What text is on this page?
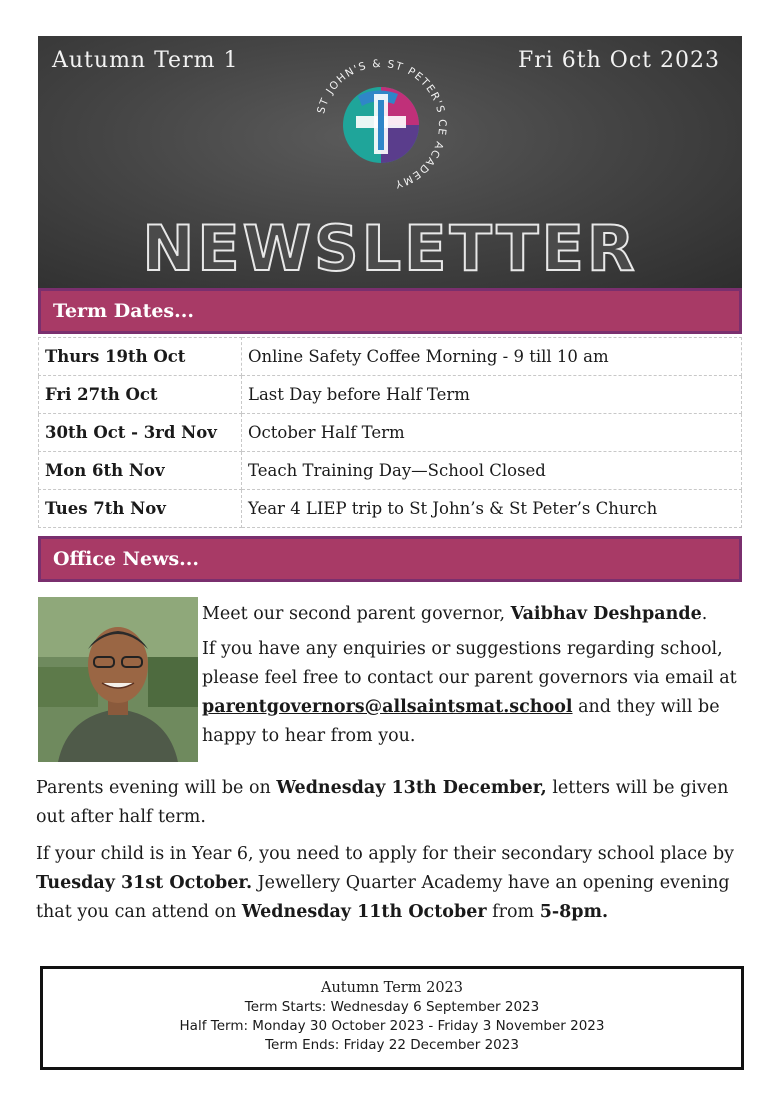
Autumn Term 1	Fri 6th Oct 2023
ST JOHN'S & ST PETER'S CE ACADEMY
NEWSLETTER
Term Dates...
Thurs 19th Oct	Online Safety Coffee Morning - 9 till 10 am
Fri 27th Oct	Last Day before Half Term
30th Oct - 3rd Nov	October Half Term
Mon 6th Nov	Teach Training Day—School Closed
Tues 7th Nov	Year 4 LIEP trip to St John’s & St Peter’s Church
Office News...

Meet our second parent governor, Vaibhav Deshpande.

If you have any enquiries or suggestions regarding school, please feel free to contact our parent governors via email at parentgovernors@allsaintsmat.school and they will be happy to hear from you.

Parents evening will be on Wednesday 13th December, letters will be given out after half term.

If your child is in Year 6, you need to apply for their secondary school place by Tuesday 31st October. Jewellery Quarter Academy have an opening evening that you can attend on Wednesday 11th October from 5-8pm.

Autumn Term 2023
Term Starts: Wednesday 6 September 2023
Half Term: Monday 30 October 2023 - Friday 3 November 2023
Term Ends: Friday 22 December 2023
